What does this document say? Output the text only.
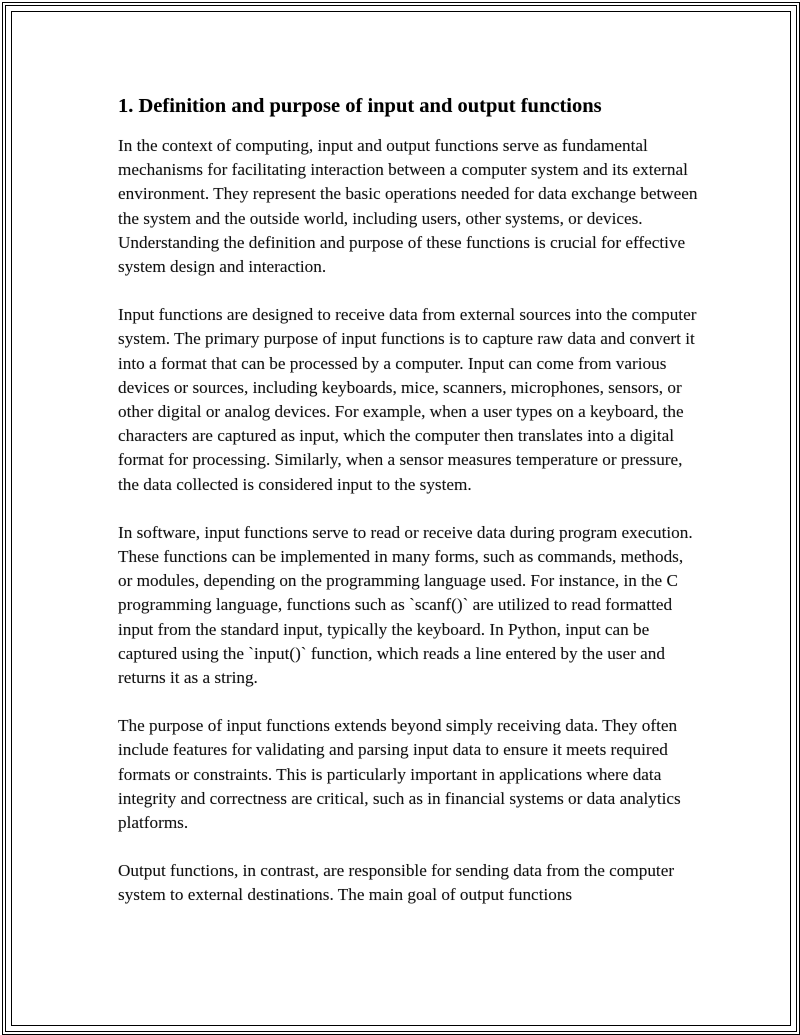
1. Definition and purpose of input and output functions

In the context of computing, input and output functions serve as fundamental mechanisms for facilitating interaction between a computer system and its external environment. They represent the basic operations needed for data exchange between the system and the outside world, including users, other systems, or devices. Understanding the definition and purpose of these functions is crucial for effective system design and interaction.

Input functions are designed to receive data from external sources into the computer system. The primary purpose of input functions is to capture raw data and convert it into a format that can be processed by a computer. Input can come from various devices or sources, including keyboards, mice, scanners, microphones, sensors, or other digital or analog devices. For example, when a user types on a keyboard, the characters are captured as input, which the computer then translates into a digital format for processing. Similarly, when a sensor measures temperature or pressure, the data collected is considered input to the system.

In software, input functions serve to read or receive data during program execution. These functions can be implemented in many forms, such as commands, methods, or modules, depending on the programming language used. For instance, in the C programming language, functions such as `scanf()` are utilized to read formatted input from the standard input, typically the keyboard. In Python, input can be captured using the `input()` function, which reads a line entered by the user and returns it as a string.

The purpose of input functions extends beyond simply receiving data. They often include features for validating and parsing input data to ensure it meets required formats or constraints. This is particularly important in applications where data integrity and correctness are critical, such as in financial systems or data analytics platforms.

Output functions, in contrast, are responsible for sending data from the computer system to external destinations. The main goal of output functions
